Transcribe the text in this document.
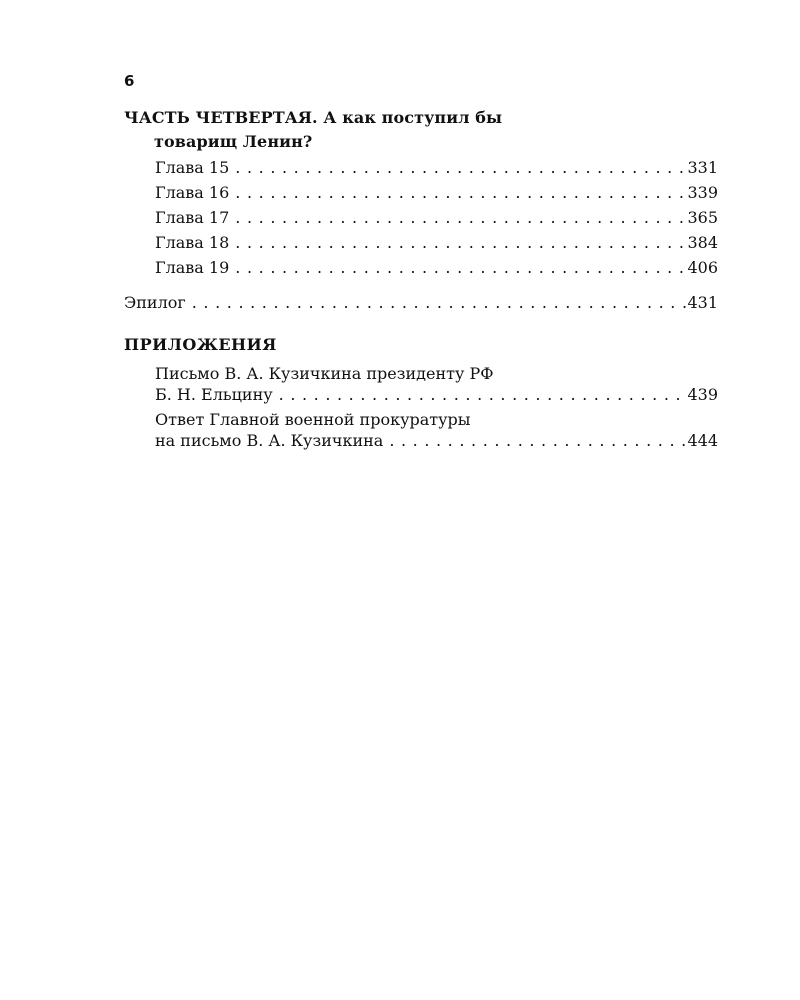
6
ЧАСТЬ ЧЕТВЕРТАЯ. А как поступил бы
товарищ Ленин?
Глава 15 . . .	331
Глава 16 . . .	339
Глава 17 . . .	365
Глава 18 . . .	384
Глава 19 . . .	406
Эпилог . . .	431
ПРИЛОЖЕНИЯ
Письмо В. А. Кузичкина президенту РФ
Б. Н. Ельцину . . .	439
Ответ Главной военной прокуратуры
на письмо В. А. Кузичкина . . .	444
